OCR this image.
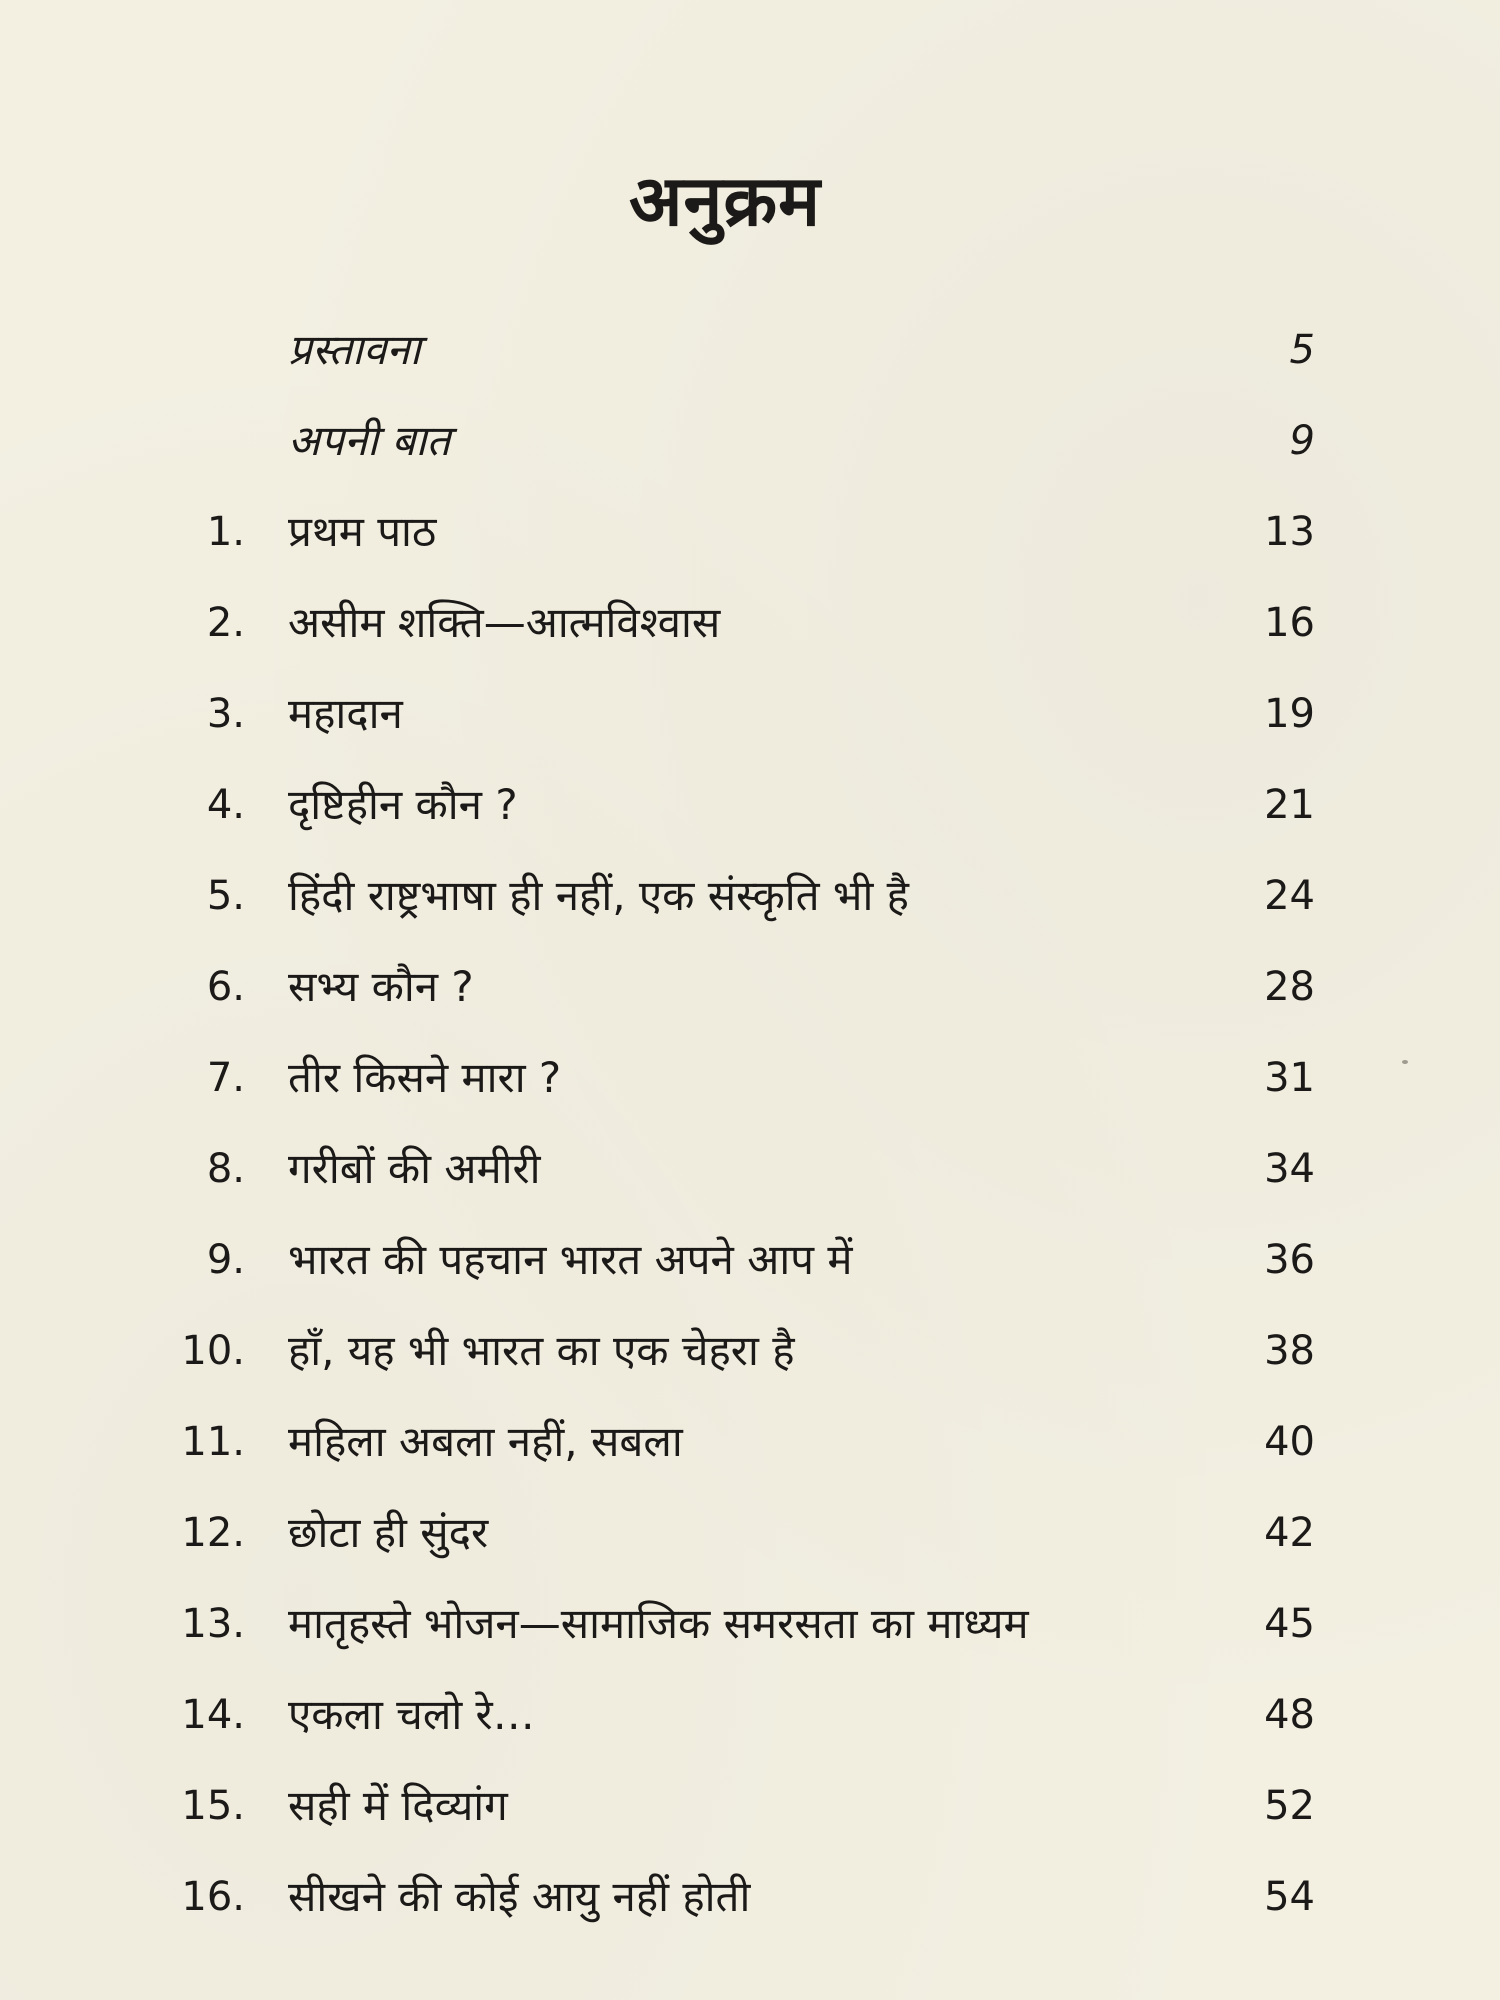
अनुक्रम
प्रस्तावना	5
अपनी बात	9
1. प्रथम पाठ	13
2. असीम शक्ति—आत्मविश्वास	16
3. महादान	19
4. दृष्टिहीन कौन ?	21
5. हिंदी राष्ट्रभाषा ही नहीं, एक संस्कृति भी है	24
6. सभ्य कौन ?	28
7. तीर किसने मारा ?	31
8. गरीबों की अमीरी	34
9. भारत की पहचान भारत अपने आप में	36
10. हाँ, यह भी भारत का एक चेहरा है	38
11. महिला अबला नहीं, सबला	40
12. छोटा ही सुंदर	42
13. मातृहस्ते भोजन—सामाजिक समरसता का माध्यम	45
14. एकला चलो रे…	48
15. सही में दिव्यांग	52
16. सीखने की कोई आयु नहीं होती	54
